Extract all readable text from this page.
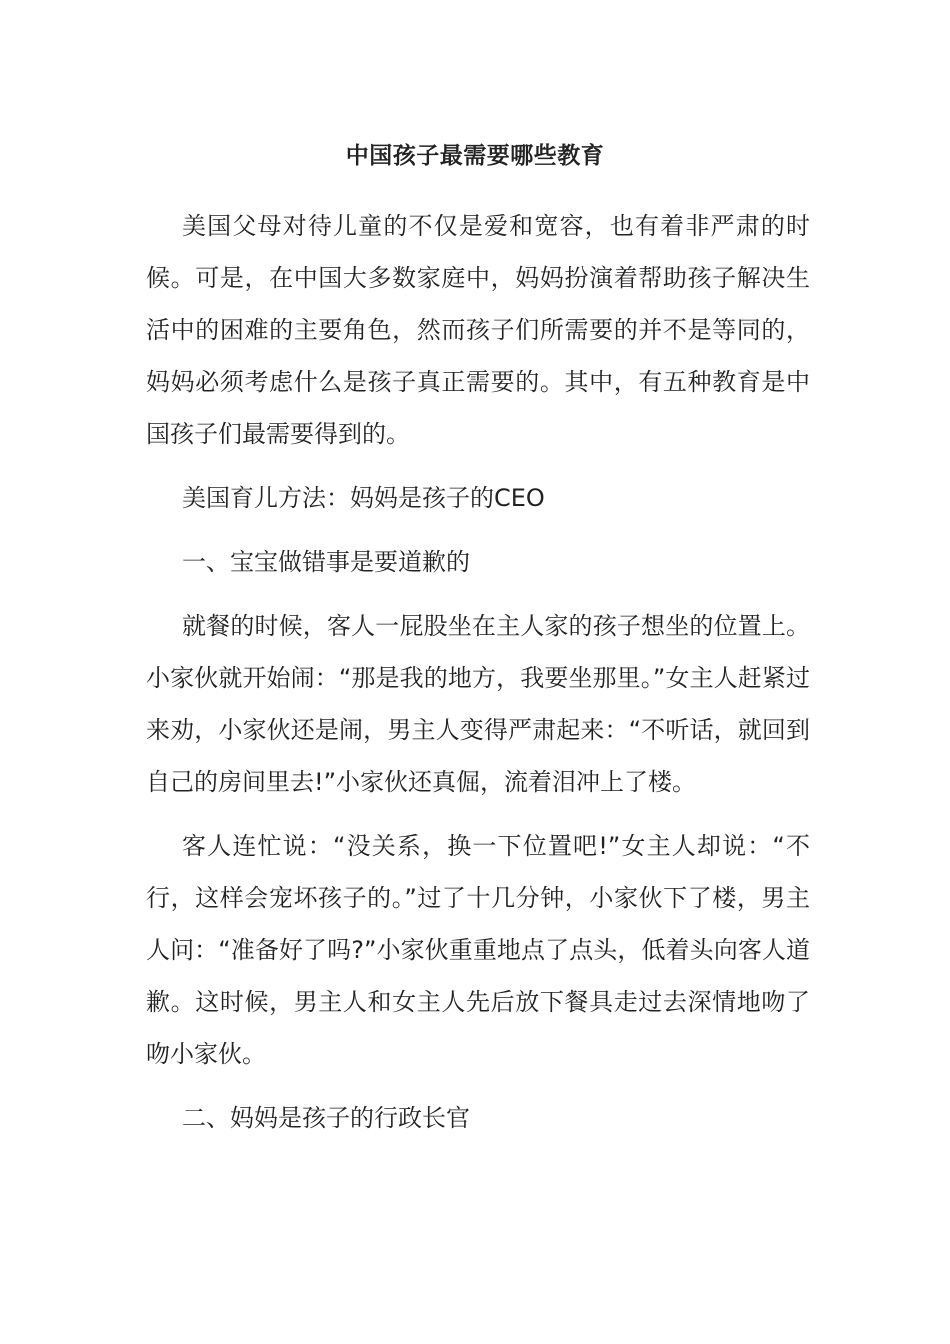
中国孩子最需要哪些教育

美国父母对待儿童的不仅是爱和宽容，也有着非严肃的时候。可是，在中国大多数家庭中，妈妈扮演着帮助孩子解决生活中的困难的主要角色，然而孩子们所需要的并不是等同的，妈妈必须考虑什么是孩子真正需要的。其中，有五种教育是中国孩子们最需要得到的。

美国育儿方法：妈妈是孩子的CEO

一、宝宝做错事是要道歉的

就餐的时候，客人一屁股坐在主人家的孩子想坐的位置上。小家伙就开始闹：“那是我的地方，我要坐那里。”女主人赶紧过来劝，小家伙还是闹，男主人变得严肃起来：“不听话，就回到自己的房间里去!”小家伙还真倔，流着泪冲上了楼。

客人连忙说：“没关系，换一下位置吧!”女主人却说：“不行，这样会宠坏孩子的。”过了十几分钟，小家伙下了楼，男主人问：“准备好了吗?”小家伙重重地点了点头，低着头向客人道歉。这时候，男主人和女主人先后放下餐具走过去深情地吻了吻小家伙。

二、妈妈是孩子的行政长官
